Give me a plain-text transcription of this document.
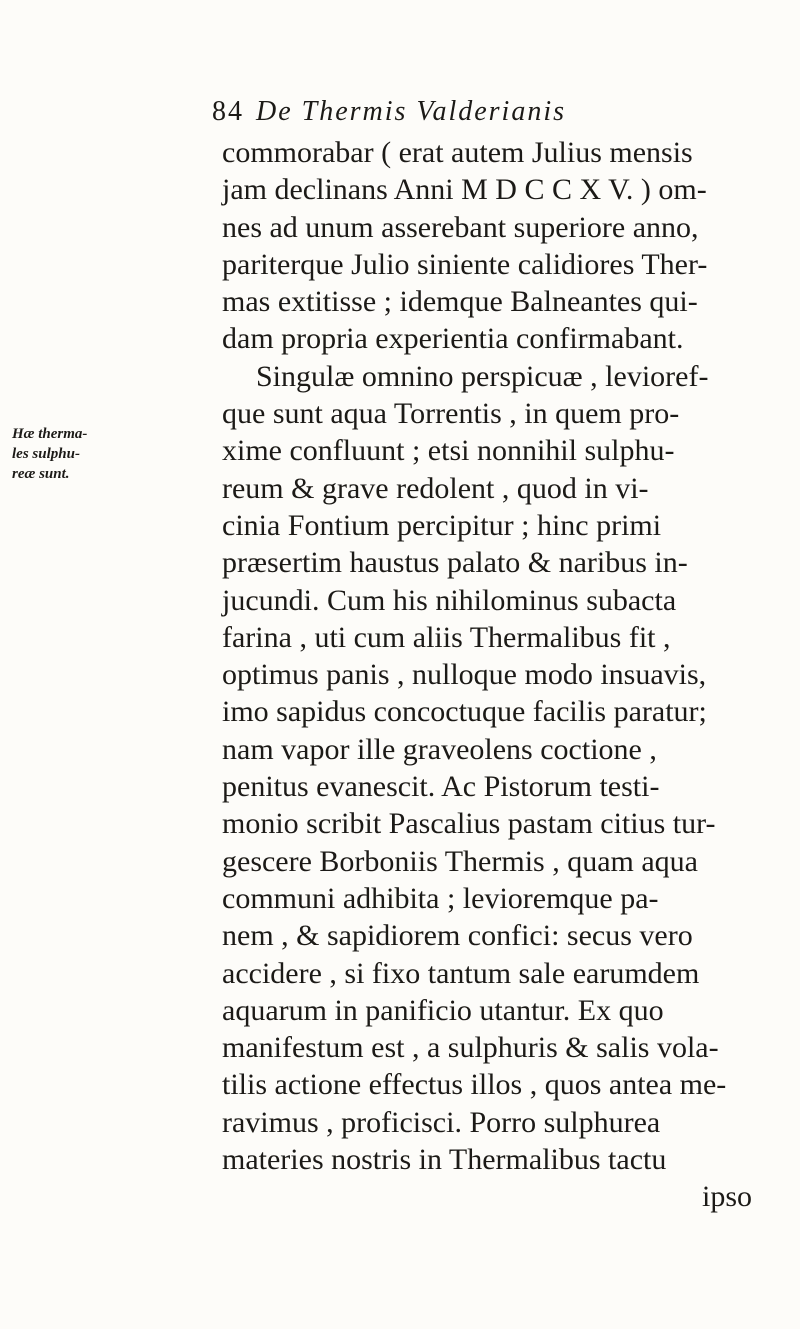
84 De Thermis Valderianis
Hæ therma-
les sulphu-
reæ sunt.
commorabar ( erat autem Julius mensis
jam declinans Anni M D C C X V. ) om-
nes ad unum asserebant superiore anno,
pariterque Julio siniente calidiores Ther-
mas extitisse ; idemque Balneantes qui-
dam propria experientia confirmabant.
Singulæ omnino perspicuæ , levioref-
que sunt aqua Torrentis , in quem pro-
xime confluunt ; etsi nonnihil sulphu-
reum & grave redolent , quod in vi-
cinia Fontium percipitur ; hinc primi
præsertim haustus palato & naribus in-
jucundi. Cum his nihilominus subacta
farina , uti cum aliis Thermalibus fit ,
optimus panis , nulloque modo insuavis,
imo sapidus concoctuque facilis paratur;
nam vapor ille graveolens coctione ,
penitus evanescit. Ac Pistorum testi-
monio scribit Pascalius pastam citius tur-
gescere Borboniis Thermis , quam aqua
communi adhibita ; levioremque pa-
nem , & sapidiorem confici: secus vero
accidere , si fixo tantum sale earumdem
aquarum in panificio utantur. Ex quo
manifestum est , a sulphuris & salis vola-
tilis actione effectus illos , quos antea me-
ravimus , proficisci. Porro sulphurea
materies nostris in Thermalibus tactu
ipso
